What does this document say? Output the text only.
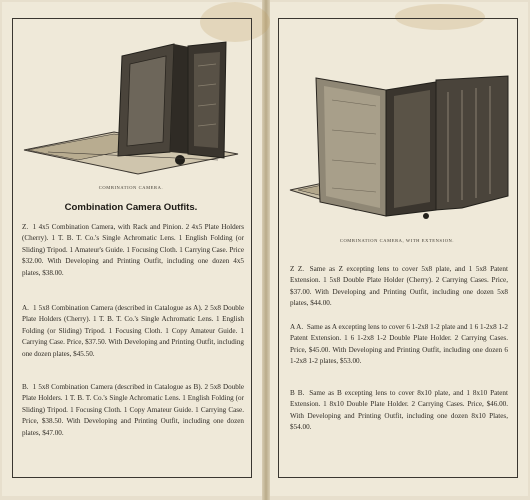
COMBINATION CAMERA.
Combination Camera Outfits.
Z. 1 4x5 Combination Camera, with Rack and Pinion. 2 4x5 Plate Holders (Cherry). 1 T. B. T. Co.'s Single Achromatic Lens. 1 English Folding (or Sliding) Tripod. 1 Amateur's Guide. 1 Focusing Cloth. 1 Carrying Case. Price $32.00. With Developing and Printing Outfit, including one dozen 4x5 plates, $38.00.
A. 1 5x8 Combination Camera (described in Catalogue as A). 2 5x8 Double Plate Holders (Cherry). 1 T. B. T. Co.'s Single Achromatic Lens. 1 English Folding (or Sliding) Tripod. 1 Focusing Cloth. 1 Copy Amateur Guide. 1 Carrying Case. Price, $37.50. With Developing and Printing Outfit, including one dozen plates, $45.50.
B. 1 5x8 Combination Camera (described in Catalogue as B). 2 5x8 Double Plate Holders. 1 T. B. T. Co.'s Single Achromatic Lens. 1 English Folding (or Sliding) Tripod. 1 Focusing Cloth. 1 Copy Amateur Guide. 1 Carrying Case. Price, $38.50. With Developing and Printing Outfit, including one dozen plates, $47.00.
COMBINATION CAMERA, WITH EXTENSION.
Z Z. Same as Z excepting lens to cover 5x8 plate, and 1 5x8 Patent Extension. 1 5x8 Double Plate Holder (Cherry). 2 Carrying Cases. Price, $37.00. With Developing and Printing Outfit, including one dozen 5x8 plates, $44.00.
A A. Same as A excepting lens to cover 6 1-2x8 1-2 plate and 1 6 1-2x8 1-2 Patent Extension. 1 6 1-2x8 1-2 Double Plate Holder. 2 Carrying Cases. Price, $45.00. With Developing and Printing Outfit, including one dozen 6 1-2x8 1-2 plates, $53.00.
B B. Same as B excepting lens to cover 8x10 plate, and 1 8x10 Patent Extension. 1 8x10 Double Plate Holder. 2 Carrying Cases. Price, $46.00. With Developing and Printing Outfit, including one dozen 8x10 Plates, $54.00.
